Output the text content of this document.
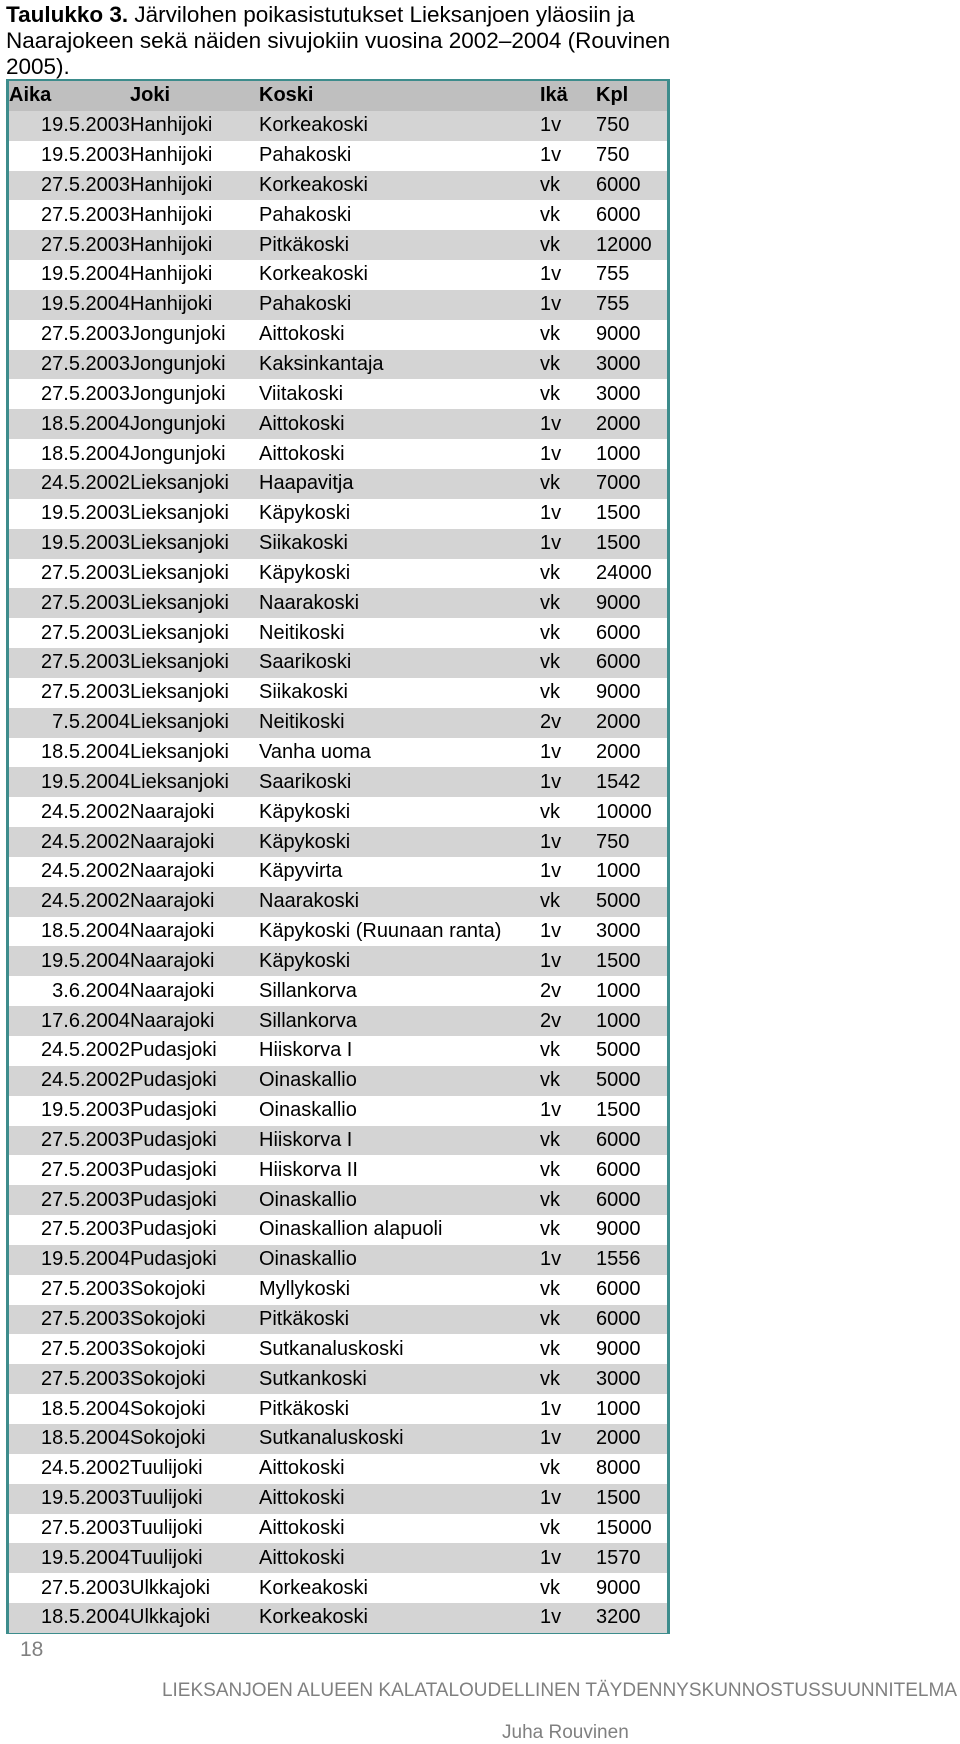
Taulukko 3. Järvilohen poikasistutukset Lieksanjoen yläosiin ja Naarajokeen sekä näiden sivujokiin vuosina 2002–2004 (Rouvinen 2005).
Aika	Joki	Koski	Ikä	Kpl
19.5.2003	Hanhijoki	Korkeakoski	1v	750
19.5.2003	Hanhijoki	Pahakoski	1v	750
27.5.2003	Hanhijoki	Korkeakoski	vk	6000
27.5.2003	Hanhijoki	Pahakoski	vk	6000
27.5.2003	Hanhijoki	Pitkäkoski	vk	12000
19.5.2004	Hanhijoki	Korkeakoski	1v	755
19.5.2004	Hanhijoki	Pahakoski	1v	755
27.5.2003	Jongunjoki	Aittokoski	vk	9000
27.5.2003	Jongunjoki	Kaksinkantaja	vk	3000
27.5.2003	Jongunjoki	Viitakoski	vk	3000
18.5.2004	Jongunjoki	Aittokoski	1v	2000
18.5.2004	Jongunjoki	Aittokoski	1v	1000
24.5.2002	Lieksanjoki	Haapavitja	vk	7000
19.5.2003	Lieksanjoki	Käpykoski	1v	1500
19.5.2003	Lieksanjoki	Siikakoski	1v	1500
27.5.2003	Lieksanjoki	Käpykoski	vk	24000
27.5.2003	Lieksanjoki	Naarakoski	vk	9000
27.5.2003	Lieksanjoki	Neitikoski	vk	6000
27.5.2003	Lieksanjoki	Saarikoski	vk	6000
27.5.2003	Lieksanjoki	Siikakoski	vk	9000
7.5.2004	Lieksanjoki	Neitikoski	2v	2000
18.5.2004	Lieksanjoki	Vanha uoma	1v	2000
19.5.2004	Lieksanjoki	Saarikoski	1v	1542
24.5.2002	Naarajoki	Käpykoski	vk	10000
24.5.2002	Naarajoki	Käpykoski	1v	750
24.5.2002	Naarajoki	Käpyvirta	1v	1000
24.5.2002	Naarajoki	Naarakoski	vk	5000
18.5.2004	Naarajoki	Käpykoski (Ruunaan ranta)	1v	3000
19.5.2004	Naarajoki	Käpykoski	1v	1500
3.6.2004	Naarajoki	Sillankorva	2v	1000
17.6.2004	Naarajoki	Sillankorva	2v	1000
24.5.2002	Pudasjoki	Hiiskorva I	vk	5000
24.5.2002	Pudasjoki	Oinaskallio	vk	5000
19.5.2003	Pudasjoki	Oinaskallio	1v	1500
27.5.2003	Pudasjoki	Hiiskorva I	vk	6000
27.5.2003	Pudasjoki	Hiiskorva II	vk	6000
27.5.2003	Pudasjoki	Oinaskallio	vk	6000
27.5.2003	Pudasjoki	Oinaskallion alapuoli	vk	9000
19.5.2004	Pudasjoki	Oinaskallio	1v	1556
27.5.2003	Sokojoki	Myllykoski	vk	6000
27.5.2003	Sokojoki	Pitkäkoski	vk	6000
27.5.2003	Sokojoki	Sutkanaluskoski	vk	9000
27.5.2003	Sokojoki	Sutkankoski	vk	3000
18.5.2004	Sokojoki	Pitkäkoski	1v	1000
18.5.2004	Sokojoki	Sutkanaluskoski	1v	2000
24.5.2002	Tuulijoki	Aittokoski	vk	8000
19.5.2003	Tuulijoki	Aittokoski	1v	1500
27.5.2003	Tuulijoki	Aittokoski	vk	15000
19.5.2004	Tuulijoki	Aittokoski	1v	1570
27.5.2003	Ulkkajoki	Korkeakoski	vk	9000
18.5.2004	Ulkkajoki	Korkeakoski	1v	3200
18
LIEKSANJOEN ALUEEN KALATALOUDELLINEN TÄYDENNYSKUNNOSTUSSUUNNITELMA
Juha Rouvinen
